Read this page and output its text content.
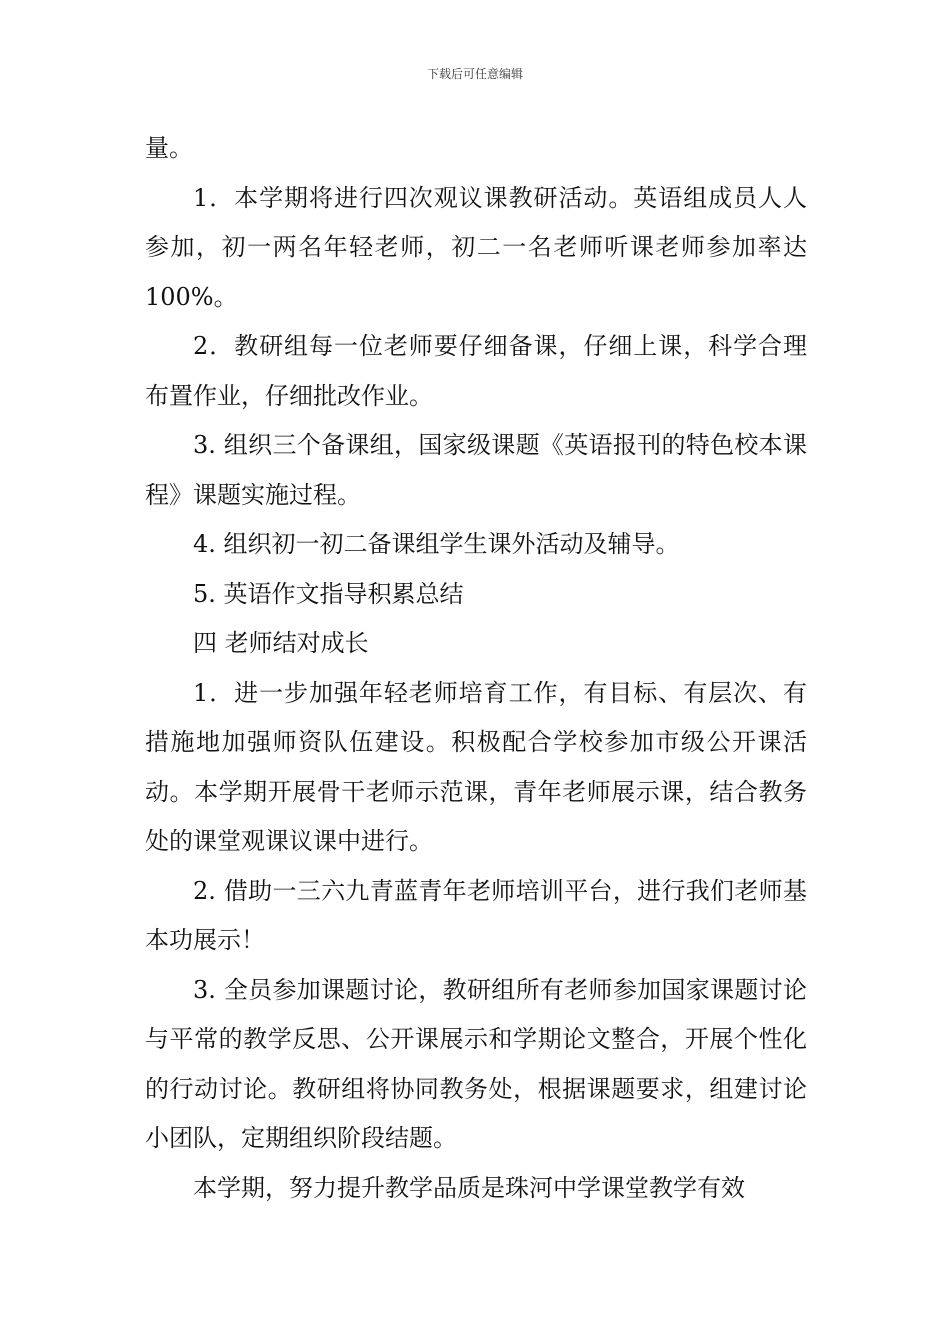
下载后可任意编辑

量。

1．本学期将进行四次观议课教研活动。英语组成员人人参加，初一两名年轻老师，初二一名老师听课老师参加率达100%。

2．教研组每一位老师要仔细备课，仔细上课，科学合理布置作业，仔细批改作业。

3. 组织三个备课组，国家级课题《英语报刊的特色校本课程》课题实施过程。

4. 组织初一初二备课组学生课外活动及辅导。

5. 英语作文指导积累总结

四 老师结对成长

1．进一步加强年轻老师培育工作，有目标、有层次、有措施地加强师资队伍建设。积极配合学校参加市级公开课活动。本学期开展骨干老师示范课，青年老师展示课，结合教务处的课堂观课议课中进行。

2. 借助一三六九青蓝青年老师培训平台，进行我们老师基本功展示！

3. 全员参加课题讨论，教研组所有老师参加国家课题讨论与平常的教学反思、公开课展示和学期论文整合，开展个性化的行动讨论。教研组将协同教务处，根据课题要求，组建讨论小团队，定期组织阶段结题。

本学期，努力提升教学品质是珠河中学课堂教学有效
